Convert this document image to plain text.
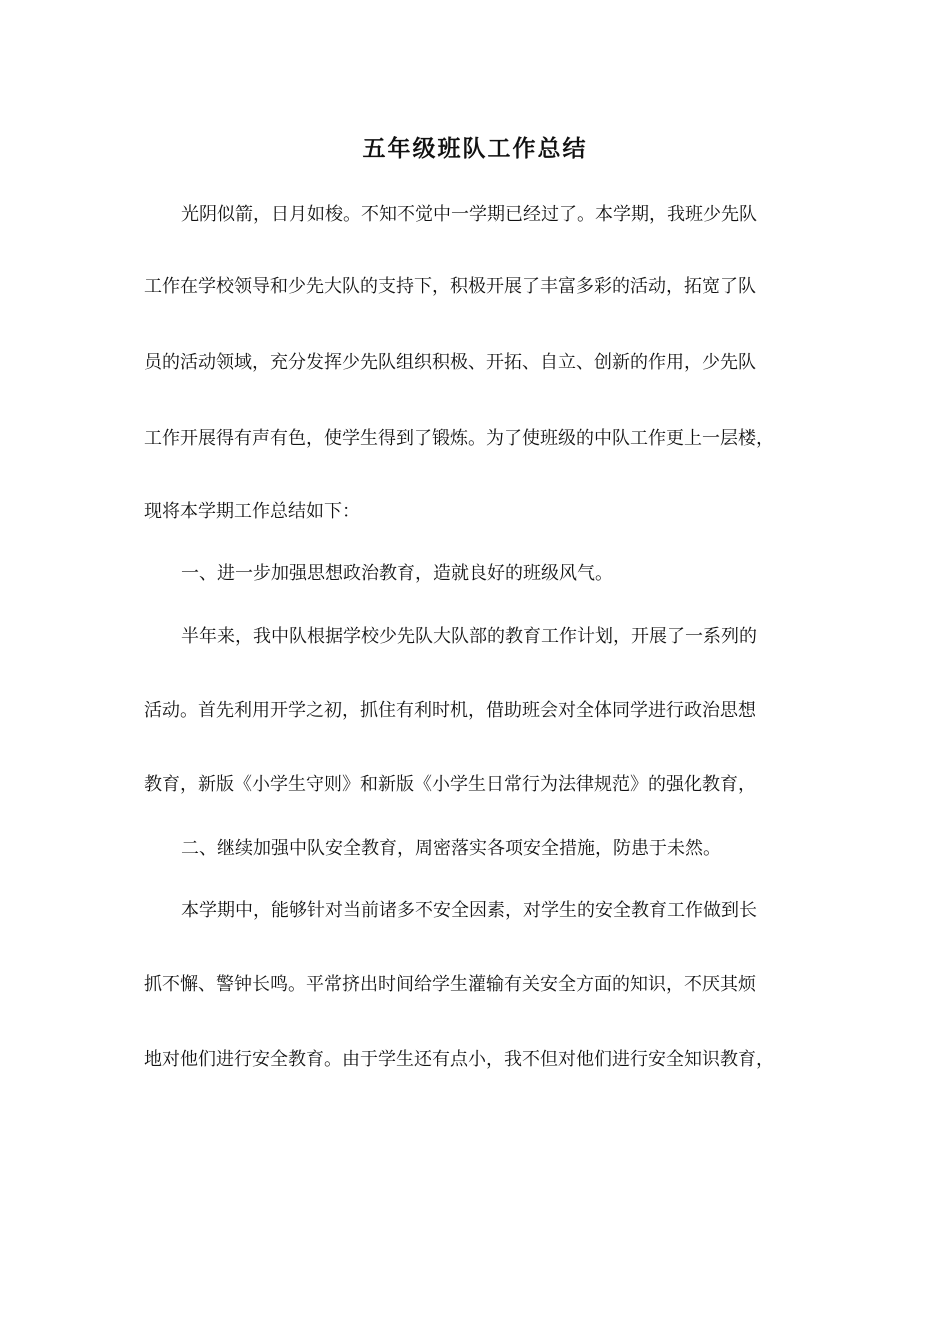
五年级班队工作总结

光阴似箭，日月如梭。不知不觉中一学期已经过了。本学期，我班少先队

工作在学校领导和少先大队的支持下，积极开展了丰富多彩的活动，拓宽了队

员的活动领域，充分发挥少先队组织积极、开拓、自立、创新的作用，少先队

工作开展得有声有色，使学生得到了锻炼。为了使班级的中队工作更上一层楼，

现将本学期工作总结如下：

一、进一步加强思想政治教育，造就良好的班级风气。

半年来，我中队根据学校少先队大队部的教育工作计划，开展了一系列的

活动。首先利用开学之初，抓住有利时机，借助班会对全体同学进行政治思想

教育，新版《小学生守则》和新版《小学生日常行为法律规范》的强化教育，

二、继续加强中队安全教育，周密落实各项安全措施，防患于未然。

本学期中，能够针对当前诸多不安全因素，对学生的安全教育工作做到长

抓不懈、警钟长鸣。平常挤出时间给学生灌输有关安全方面的知识，不厌其烦

地对他们进行安全教育。由于学生还有点小，我不但对他们进行安全知识教育，
